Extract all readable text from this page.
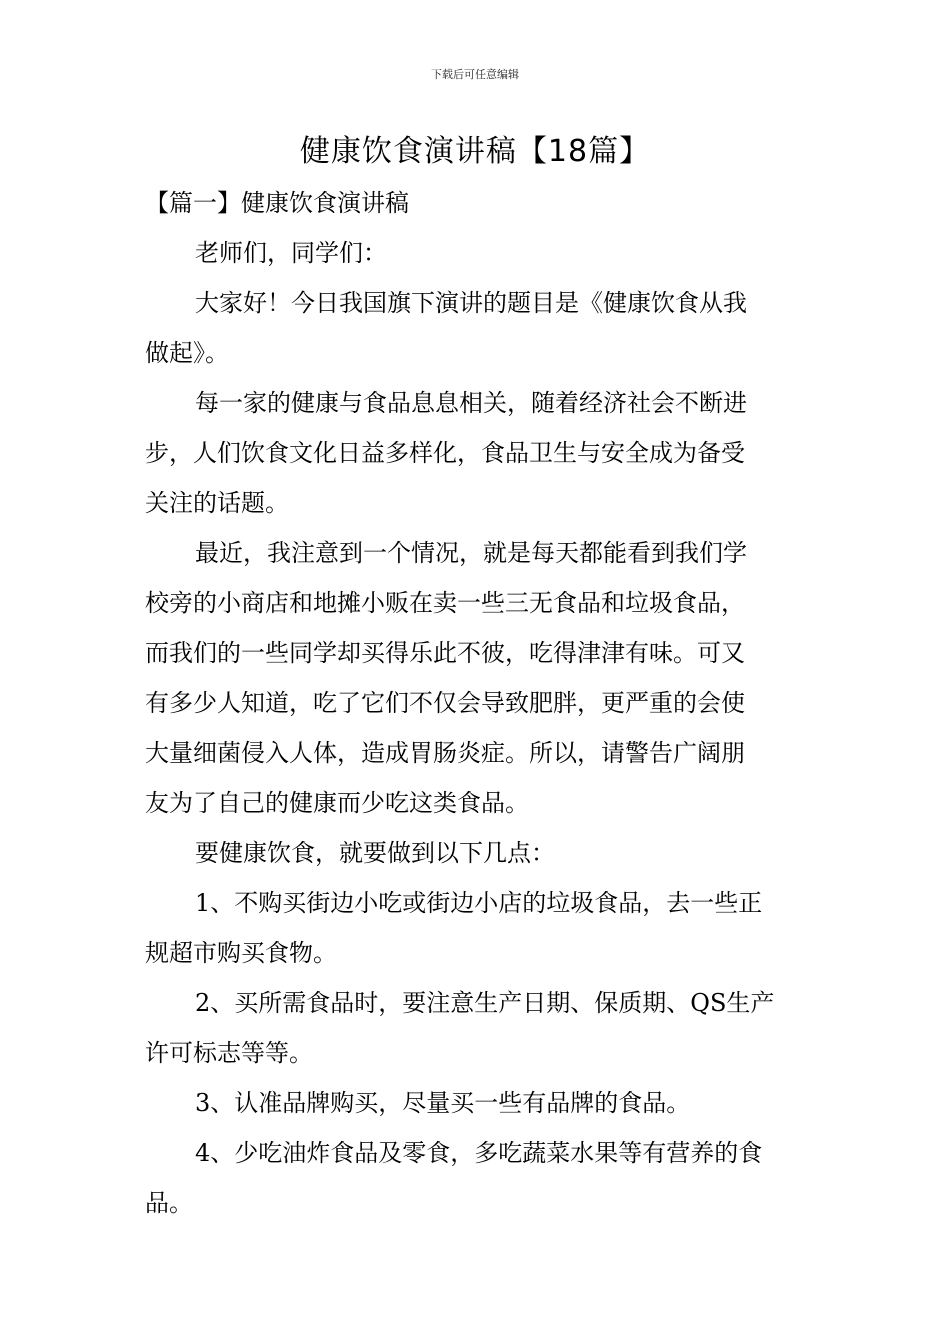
下载后可任意编辑
健康饮食演讲稿【18篇】
【篇一】健康饮食演讲稿
老师们，同学们：
大家好！今日我国旗下演讲的题目是《健康饮食从我
做起》。
每一家的健康与食品息息相关，随着经济社会不断进
步，人们饮食文化日益多样化，食品卫生与安全成为备受
关注的话题。
最近，我注意到一个情况，就是每天都能看到我们学
校旁的小商店和地摊小贩在卖一些三无食品和垃圾食品，
而我们的一些同学却买得乐此不彼，吃得津津有味。可又
有多少人知道，吃了它们不仅会导致肥胖，更严重的会使
大量细菌侵入人体，造成胃肠炎症。所以，请警告广阔朋
友为了自己的健康而少吃这类食品。
要健康饮食，就要做到以下几点：
1、不购买街边小吃或街边小店的垃圾食品，去一些正
规超市购买食物。
2、买所需食品时，要注意生产日期、保质期、QS生产
许可标志等等。
3、认准品牌购买，尽量买一些有品牌的食品。
4、少吃油炸食品及零食，多吃蔬菜水果等有营养的食
品。
